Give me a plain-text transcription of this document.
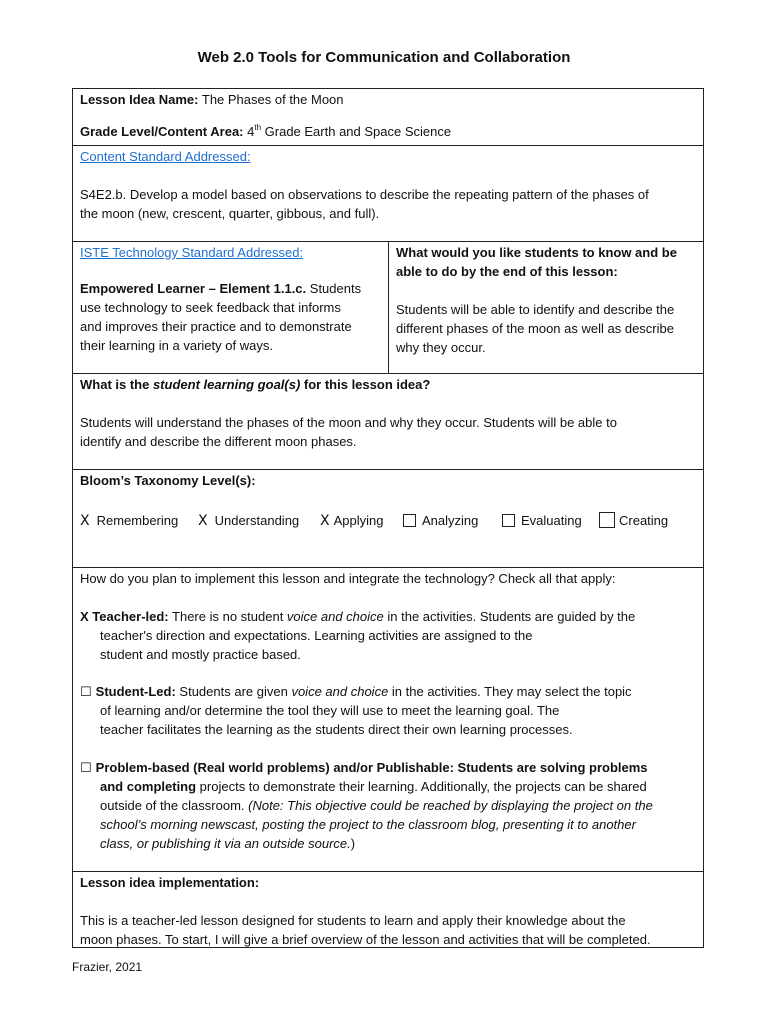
Web 2.0 Tools for Communication and Collaboration
Lesson Idea Name: The Phases of the Moon
Grade Level/Content Area: 4th Grade Earth and Space Science
Content Standard Addressed:
S4E2.b. Develop a model based on observations to describe the repeating pattern of the phases of
the moon (new, crescent, quarter, gibbous, and full).
ISTE Technology Standard Addressed:
Empowered Learner – Element 1.1.c. Students
use technology to seek feedback that informs
and improves their practice and to demonstrate
their learning in a variety of ways.
What would you like students to know and be
able to do by the end of this lesson:
Students will be able to identify and describe the
different phases of the moon as well as describe
why they occur.
What is the student learning goal(s) for this lesson idea?
Students will understand the phases of the moon and why they occur. Students will be able to
identify and describe the different moon phases.
Bloom’s Taxonomy Level(s):
X Remembering X Understanding X Applying	Analyzing	Evaluating	Creating
How do you plan to implement this lesson and integrate the technology? Check all that apply:
X Teacher-led: There is no student voice and choice in the activities. Students are guided by the
teacher's direction and expectations. Learning activities are assigned to the
student and mostly practice based.
☐ Student-Led: Students are given voice and choice in the activities. They may select the topic
of learning and/or determine the tool they will use to meet the learning goal. The
teacher facilitates the learning as the students direct their own learning processes.
☐ Problem-based (Real world problems) and/or Publishable: Students are solving problems
and completing projects to demonstrate their learning. Additionally, the projects can be shared
outside of the classroom. (Note: This objective could be reached by displaying the project on the
school’s morning newscast, posting the project to the classroom blog, presenting it to another
class, or publishing it via an outside source.)
Lesson idea implementation:
This is a teacher-led lesson designed for students to learn and apply their knowledge about the
moon phases. To start, I will give a brief overview of the lesson and activities that will be completed.
Frazier, 2021
